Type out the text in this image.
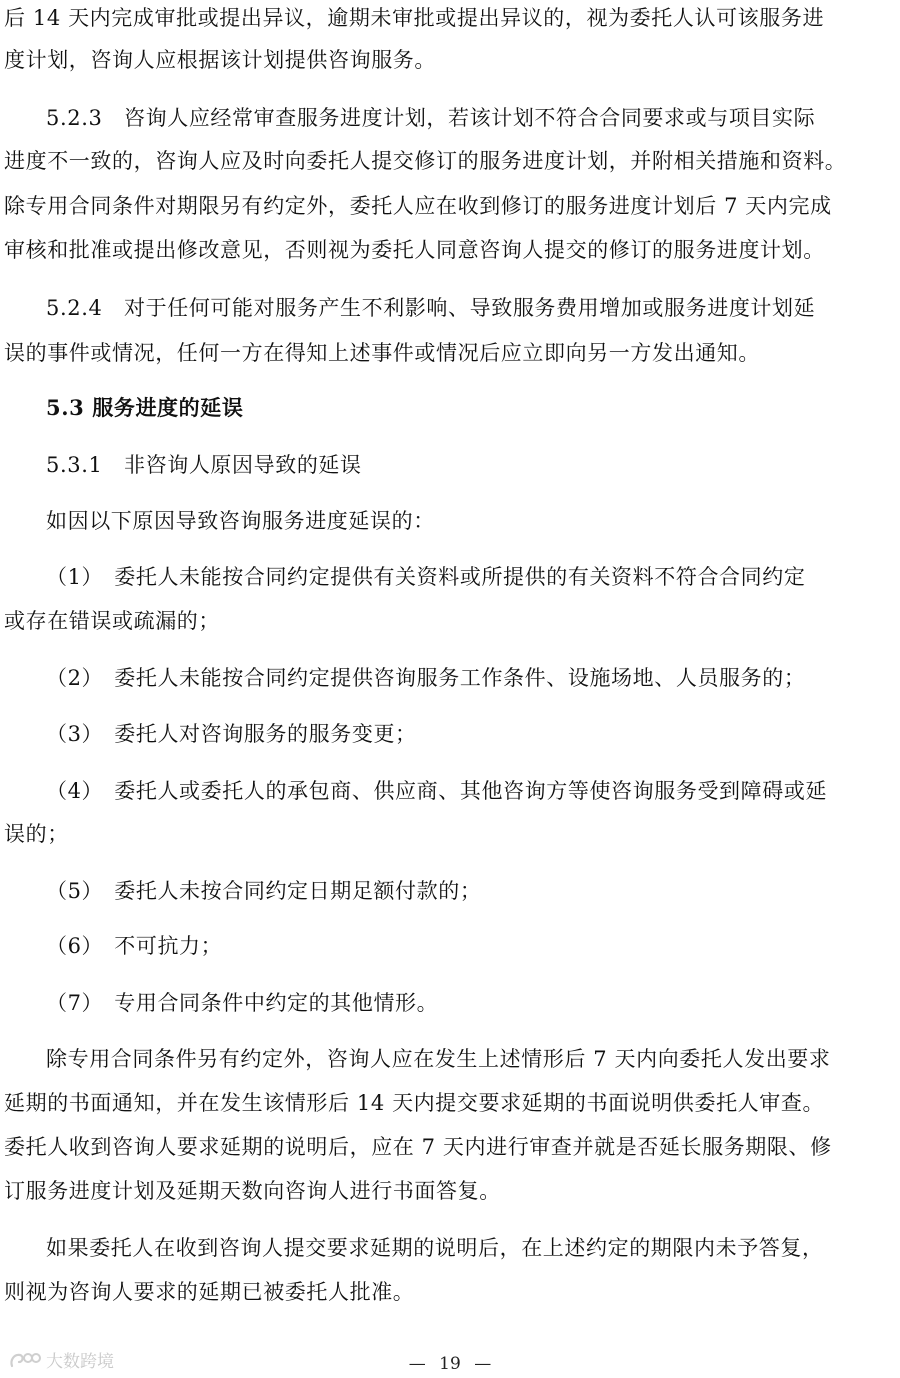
后 14 天内完成审批或提出异议，逾期未审批或提出异议的，视为委托人认可该服务进
度计划，咨询人应根据该计划提供咨询服务。
5.2.3　咨询人应经常审查服务进度计划，若该计划不符合合同要求或与项目实际
进度不一致的，咨询人应及时向委托人提交修订的服务进度计划，并附相关措施和资料。
除专用合同条件对期限另有约定外，委托人应在收到修订的服务进度计划后 7 天内完成
审核和批准或提出修改意见，否则视为委托人同意咨询人提交的修订的服务进度计划。
5.2.4　对于任何可能对服务产生不利影响、导致服务费用增加或服务进度计划延
误的事件或情况，任何一方在得知上述事件或情况后应立即向另一方发出通知。
5.3 服务进度的延误
5.3.1　非咨询人原因导致的延误
如因以下原因导致咨询服务进度延误的：
（1）　委托人未能按合同约定提供有关资料或所提供的有关资料不符合合同约定
或存在错误或疏漏的；
（2）　委托人未能按合同约定提供咨询服务工作条件、设施场地、人员服务的；
（3）　委托人对咨询服务的服务变更；
（4）　委托人或委托人的承包商、供应商、其他咨询方等使咨询服务受到障碍或延
误的；
（5）　委托人未按合同约定日期足额付款的；
（6）　不可抗力；
（7）　专用合同条件中约定的其他情形。
除专用合同条件另有约定外，咨询人应在发生上述情形后 7 天内向委托人发出要求
延期的书面通知，并在发生该情形后 14 天内提交要求延期的书面说明供委托人审查。
委托人收到咨询人要求延期的说明后，应在 7 天内进行审查并就是否延长服务期限、修
订服务进度计划及延期天数向咨询人进行书面答复。
如果委托人在收到咨询人提交要求延期的说明后，在上述约定的期限内未予答复，
则视为咨询人要求的延期已被委托人批准。
— 19 —
大数跨境
